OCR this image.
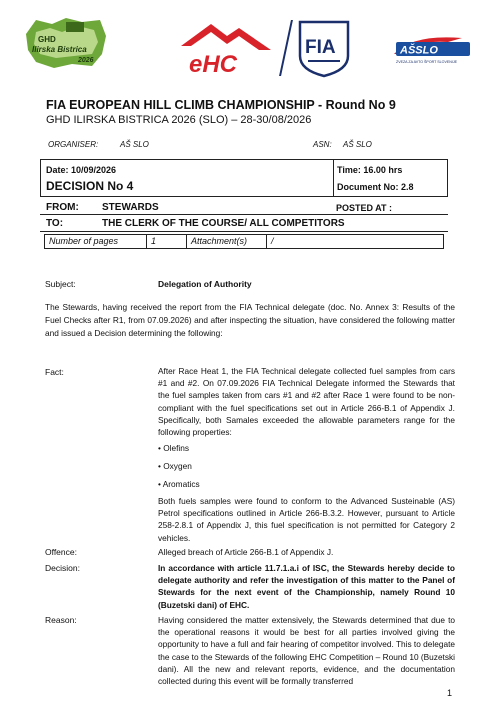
GHD
Ilirska Bistrica
2026	eHC
FIA	AŠSLO
ZVEZA ZA AVTO ŠPORT SLOVENIJE
FIA EUROPEAN HILL CLIMB CHAMPIONSHIP - Round No 9
GHD ILIRSKA BISTRICA 2026 (SLO) – 28-30/08/2026
ORGANISER:	AŠ SLO	ASN: AŠ SLO
Date: 10/09/2026
DECISION No 4
Time: 16.00 hrs
Document No: 2.8
FROM: STEWARDS	POSTED AT :
TO:	THE CLERK OF THE COURSE/ ALL COMPETITORS
Number of pages	1	Attachment(s)	/
Subject:	Delegation of Authority
The Stewards, having received the report from the FIA Technical delegate (doc. No. Annex 3: Results of the Fuel Checks after R1, from 07.09.2026) and after inspecting the situation, have considered the following matter and issued a Decision determining the following:
Fact:	After Race Heat 1, the FIA Technical delegate collected fuel samples from cars #1 and #2. On 07.09.2026 FIA Technical Delegate informed the Stewards that the fuel samples taken from cars #1 and #2 after Race 1 were found to be non-compliant with the fuel specifications set out in Article 266-B.1 of Appendix J. Specifically, both Samales exceeded the allowable parameters range for the following properties:
• Olefins
• Oxygen
• Aromatics
Both fuels samples were found to conform to the Advanced Susteinable (AS) Petrol specifications outlined in Article 266-B.3.2. However, pursuant to Article 258-2.8.1 of Appendix J, this fuel specification is not permitted for Category 2 vehicles.
Offence:	Alleged breach of Article 266-B.1 of Appendix J.
Decision:	In accordance with article 11.7.1.a.i of ISC, the Stewards hereby decide to delegate authority and refer the investigation of this matter to the Panel of Stewards for the next event of the Championship, namely Round 10 (Buzetski dani) of EHC.
Reason:	Having considered the matter extensively, the Stewards determined that due to the operational reasons it would be best for all parties involved giving the opportunity to have a full and fair hearing of competitor involved. This to delegate the case to the Stewards of the following EHC Competition – Round 10 (Buzetski dani). All the new and relevant reports, evidence, and the documentation collected during this event will be formally transferred
1
